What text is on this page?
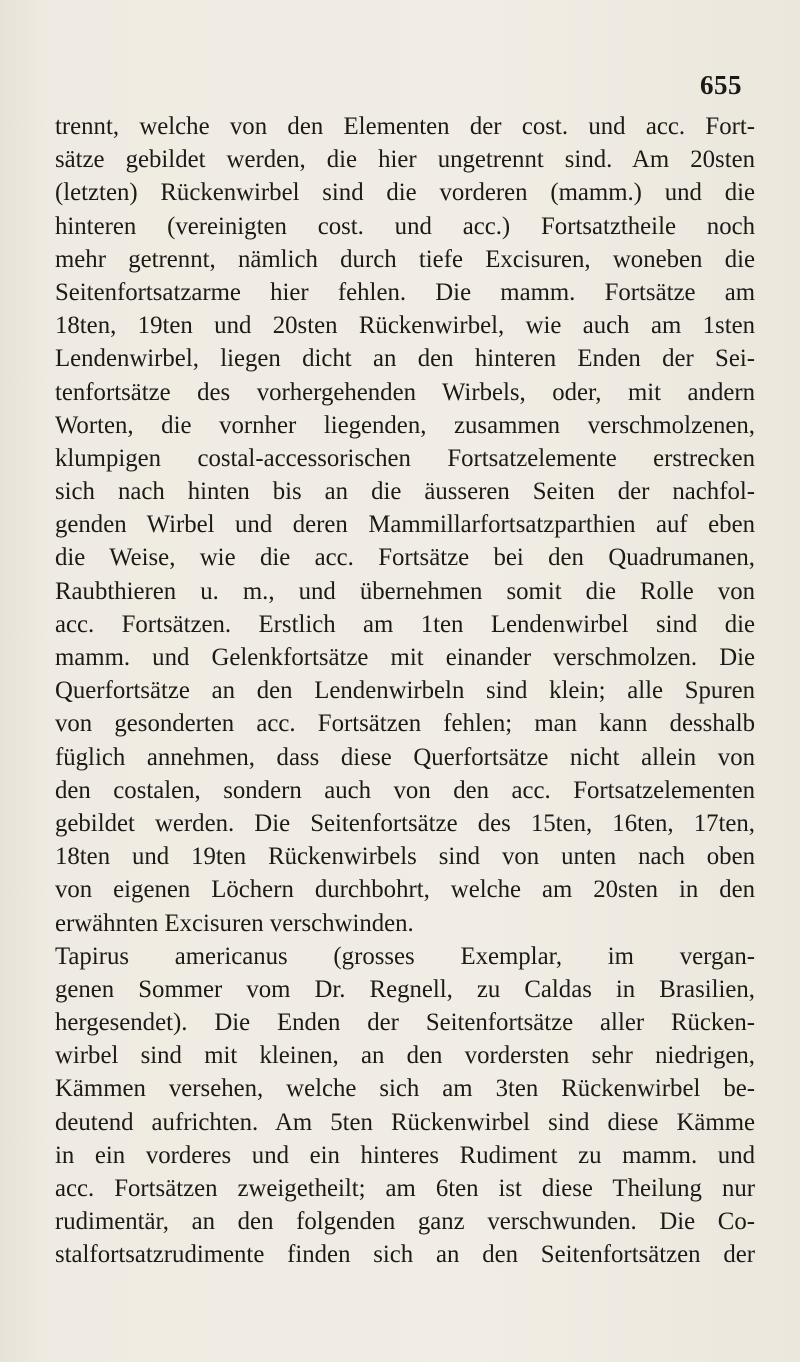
655
trennt, welche von den Elementen der cost. und acc. Fort-
sätze gebildet werden, die hier ungetrennt sind. Am 20sten
(letzten) Rückenwirbel sind die vorderen (mamm.) und die
hinteren (vereinigten cost. und acc.) Fortsatztheile noch
mehr getrennt, nämlich durch tiefe Excisuren, woneben die
Seitenfortsatzarme hier fehlen. Die mamm. Fortsätze am
18ten, 19ten und 20sten Rückenwirbel, wie auch am 1sten
Lendenwirbel, liegen dicht an den hinteren Enden der Sei-
tenfortsätze des vorhergehenden Wirbels, oder, mit andern
Worten, die vornher liegenden, zusammen verschmolzenen,
klumpigen costal-accessorischen Fortsatzelemente erstrecken
sich nach hinten bis an die äusseren Seiten der nachfol-
genden Wirbel und deren Mammillarfortsatzparthien auf eben
die Weise, wie die acc. Fortsätze bei den Quadrumanen,
Raubthieren u. m., und übernehmen somit die Rolle von
acc. Fortsätzen. Erstlich am 1ten Lendenwirbel sind die
mamm. und Gelenkfortsätze mit einander verschmolzen. Die
Querfortsätze an den Lendenwirbeln sind klein; alle Spuren
von gesonderten acc. Fortsätzen fehlen; man kann desshalb
füglich annehmen, dass diese Querfortsätze nicht allein von
den costalen, sondern auch von den acc. Fortsatzelementen
gebildet werden. Die Seitenfortsätze des 15ten, 16ten, 17ten,
18ten und 19ten Rückenwirbels sind von unten nach oben
von eigenen Löchern durchbohrt, welche am 20sten in den
erwähnten Excisuren verschwinden.
Tapirus americanus (grosses Exemplar, im vergan-
genen Sommer vom Dr. Regnell, zu Caldas in Brasilien,
hergesendet). Die Enden der Seitenfortsätze aller Rücken-
wirbel sind mit kleinen, an den vordersten sehr niedrigen,
Kämmen versehen, welche sich am 3ten Rückenwirbel be-
deutend aufrichten. Am 5ten Rückenwirbel sind diese Kämme
in ein vorderes und ein hinteres Rudiment zu mamm. und
acc. Fortsätzen zweigetheilt; am 6ten ist diese Theilung nur
rudimentär, an den folgenden ganz verschwunden. Die Co-
stalfortsatzrudimente finden sich an den Seitenfortsätzen der
